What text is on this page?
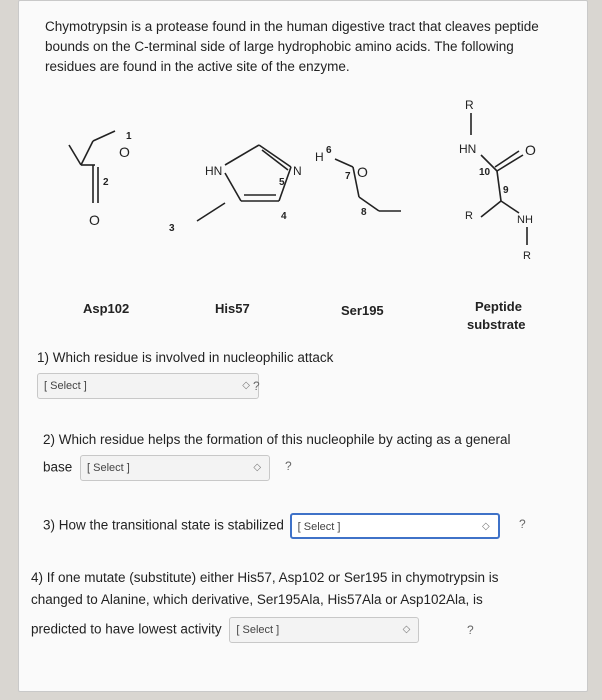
Chymotrypsin is a protease found in the human digestive tract that cleaves peptide bounds on the C-terminal side of large hydrophobic amino acids. The following residues are found in the active site of the enzyme.
O
O
1
2
3
HN	N
5
4
H 6
O
7
8
R
HN	O
10
9
R	NH
R
Asp102	His57	Ser195	Peptide
substrate
1) Which residue is involved in nucleophilic attack
[ Select ]	◇ ?
2) Which residue helps the formation of this nucleophile by acting as a general
base [ Select ]	◇ ?
3) How the transitional state is stabilized [ Select ]	◇ ?
4) If one mutate (substitute) either His57, Asp102 or Ser195 in chymotrypsin is
changed to Alanine, which derivative, Ser195Ala, His57Ala or Asp102Ala, is
predicted to have lowest activity [ Select ]	◇	?
